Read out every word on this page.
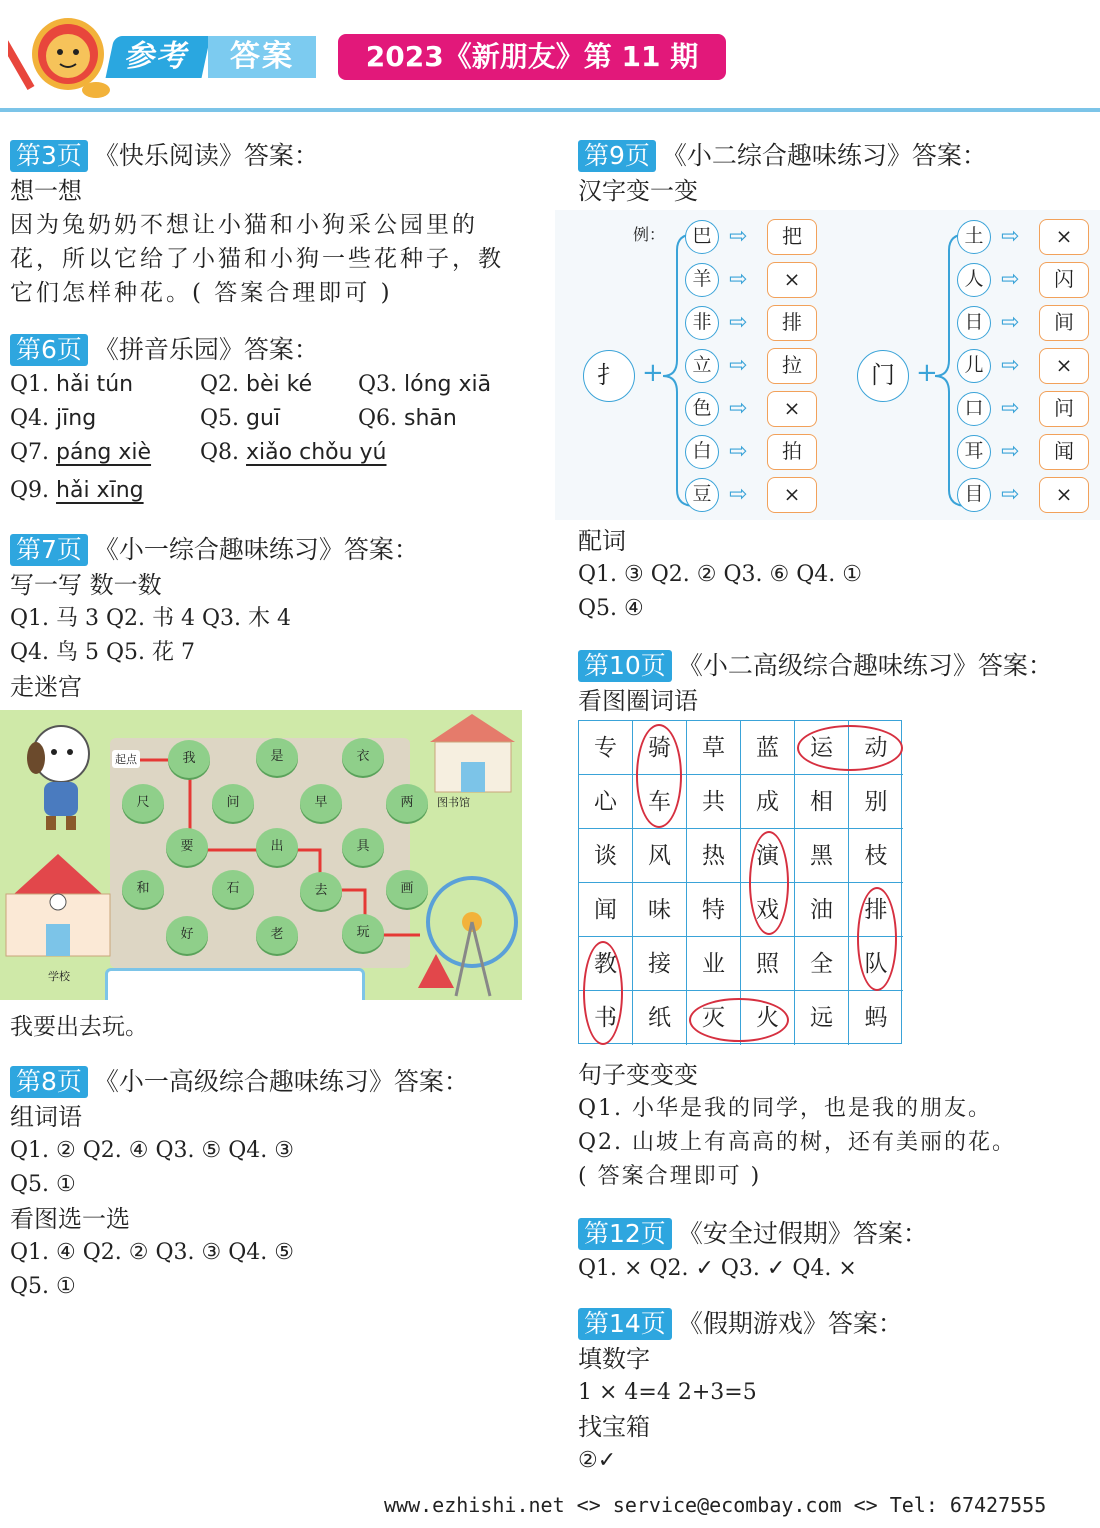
参考	答案	2023《新朋友》第 11 期
第3页 《快乐阅读》答案：
想一想
因为兔奶奶不想让小猫和小狗采公园里的花，所以它给了小猫和小狗一些花种子，教它们怎样种花。( 答案合理即可 )
第6页 《拼音乐园》答案：
Q1. hǎi tún	Q2. bèi ké Q3. lóng xiā
Q4. jīng	Q5. guī	Q6. shān
Q7. páng xiè Q8. xiǎo chǒu yú
Q9. hǎi xīng
第7页 《小一综合趣味练习》答案：
写一写 数一数
Q1. 马 3 Q2. 书 4 Q3. 木 4
Q4. 鸟 5 Q5. 花 7
走迷宫
起点	我	是	衣
尺	问	早	两
要	出	具
和	石	去	画
好	老	玩
图书馆
学校
我要出去玩。
第8页 《小一高级综合趣味练习》答案：
组词语
Q1. ② Q2. ④ Q3. ⑤ Q4. ③
Q5. ①
看图选一选
Q1. ④ Q2. ② Q3. ③ Q4. ⑤
Q5. ①
第9页 《小二综合趣味练习》答案：
汉字变一变
例：
扌 +	门 +
巴 ⇨	把
羊 ⇨	×
非 ⇨	排
立 ⇨	拉
色 ⇨	×
白 ⇨	拍
豆 ⇨	×
土 ⇨	×
人 ⇨	闪
日 ⇨	间
儿 ⇨	×
口 ⇨	问
耳 ⇨	闻
目 ⇨	×
配词
Q1. ③ Q2. ② Q3. ⑥ Q4. ①
Q5. ④
第10页 《小二高级综合趣味练习》答案：
看图圈词语
专	骑	草	蓝	运	动
心	车	共	成	相	别
谈	风	热	演	黑	枝
闻	味	特	戏	油	排
教	接	业	照	全	队
书	纸	灭	火	远	蚂
句子变变变
Q1. 小华是我的同学，也是我的朋友。
Q2. 山坡上有高高的树，还有美丽的花。
( 答案合理即可 )
第12页 《安全过假期》答案：
Q1. × Q2. ✓ Q3. ✓ Q4. ×
第14页 《假期游戏》答案：
填数字
1 × 4=4 2+3=5
找宝箱
②✓
www.ezhishi.net <> service@ecombay.com <> Tel: 67427555
